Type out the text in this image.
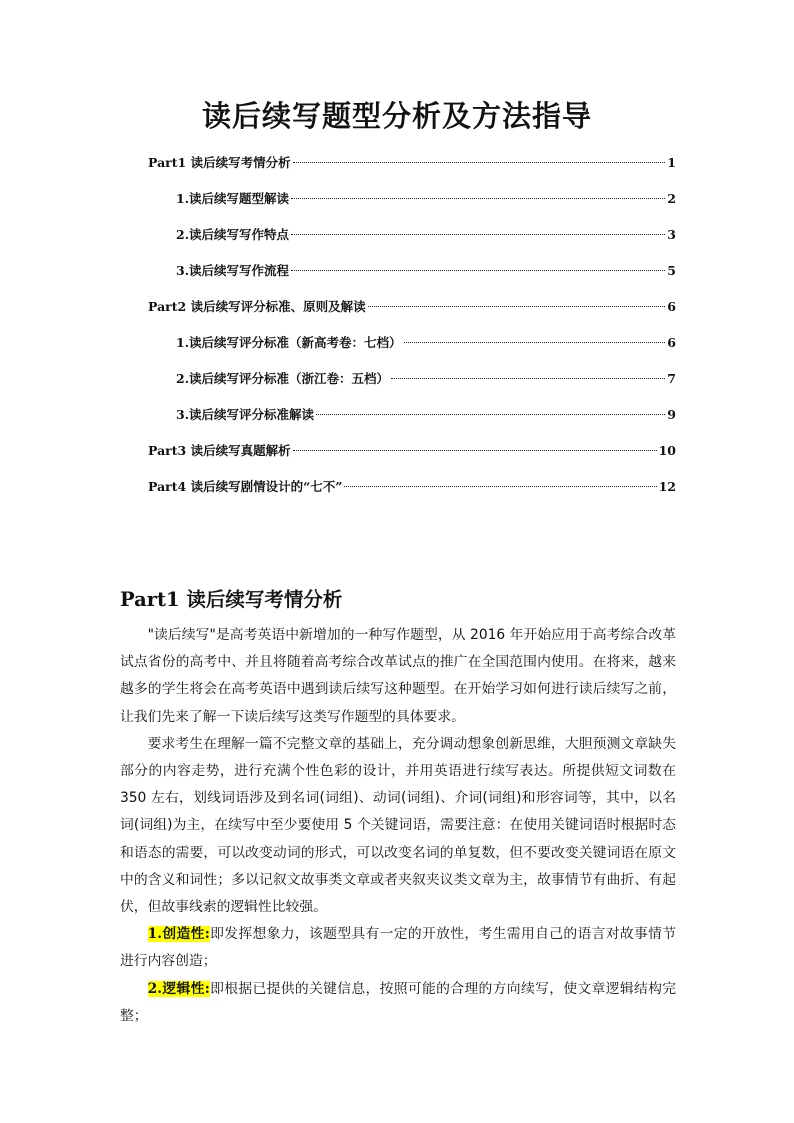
读后续写题型分析及方法指导
Part1 读后续写考情分析	1
1.读后续写题型解读	2
2.读后续写写作特点	3
3.读后续写写作流程	5
Part2 读后续写评分标准、原则及解读	6
1.读后续写评分标准（新高考卷：七档）	6
2.读后续写评分标准（浙江卷：五档）	7
3.读后续写评分标准解读	9
Part3 读后续写真题解析	10
Part4 读后续写剧情设计的“七不”	12
Part1 读后续写考情分析

"读后续写"是高考英语中新增加的一种写作题型，从 2016 年开始应用于高考综合改革试点省份的高考中、并且将随着高考综合改革试点的推广在全国范围内使用。在将来，越来越多的学生将会在高考英语中遇到读后续写这种题型。在开始学习如何进行读后续写之前，让我们先来了解一下读后续写这类写作题型的具体要求。

要求考生在理解一篇不完整文章的基础上，充分调动想象创新思维，大胆预测文章缺失部分的内容走势，进行充满个性色彩的设计，并用英语进行续写表达。所提供短文词数在 350 左右，划线词语涉及到名词(词组)、动词(词组)、介词(词组)和形容词等，其中，以名词(词组)为主，在续写中至少要使用 5 个关键词语，需要注意：在使用关键词语时根据时态和语态的需要，可以改变动词的形式，可以改变名词的单复数，但不要改变关键词语在原文中的含义和词性；多以记叙文故事类文章或者夹叙夹议类文章为主，故事情节有曲折、有起伏，但故事线索的逻辑性比较强。

1.创造性:即发挥想象力，该题型具有一定的开放性，考生需用自己的语言对故事情节进行内容创造；

2.逻辑性:即根据已提供的关键信息，按照可能的合理的方向续写，使文章逻辑结构完整；
